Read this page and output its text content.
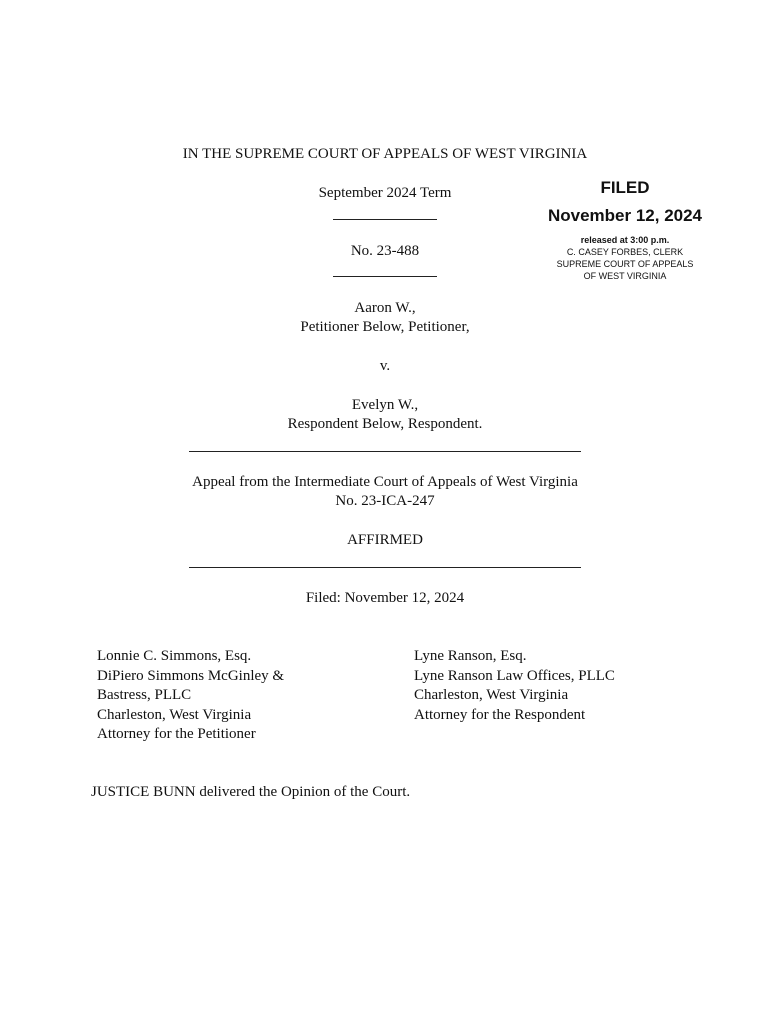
IN THE SUPREME COURT OF APPEALS OF WEST VIRGINIA
September 2024 Term
No. 23-488
FILED
November 12, 2024
released at 3:00 p.m.
C. CASEY FORBES, CLERK
SUPREME COURT OF APPEALS
OF WEST VIRGINIA
Aaron W.,
Petitioner Below, Petitioner,
v.
Evelyn W.,
Respondent Below, Respondent.
Appeal from the Intermediate Court of Appeals of West Virginia
No. 23-ICA-247
AFFIRMED
Filed: November 12, 2024
Lonnie C. Simmons, Esq.
DiPiero Simmons McGinley &
Bastress, PLLC
Charleston, West Virginia
Attorney for the Petitioner
Lyne Ranson, Esq.
Lyne Ranson Law Offices, PLLC
Charleston, West Virginia
Attorney for the Respondent
JUSTICE BUNN delivered the Opinion of the Court.
